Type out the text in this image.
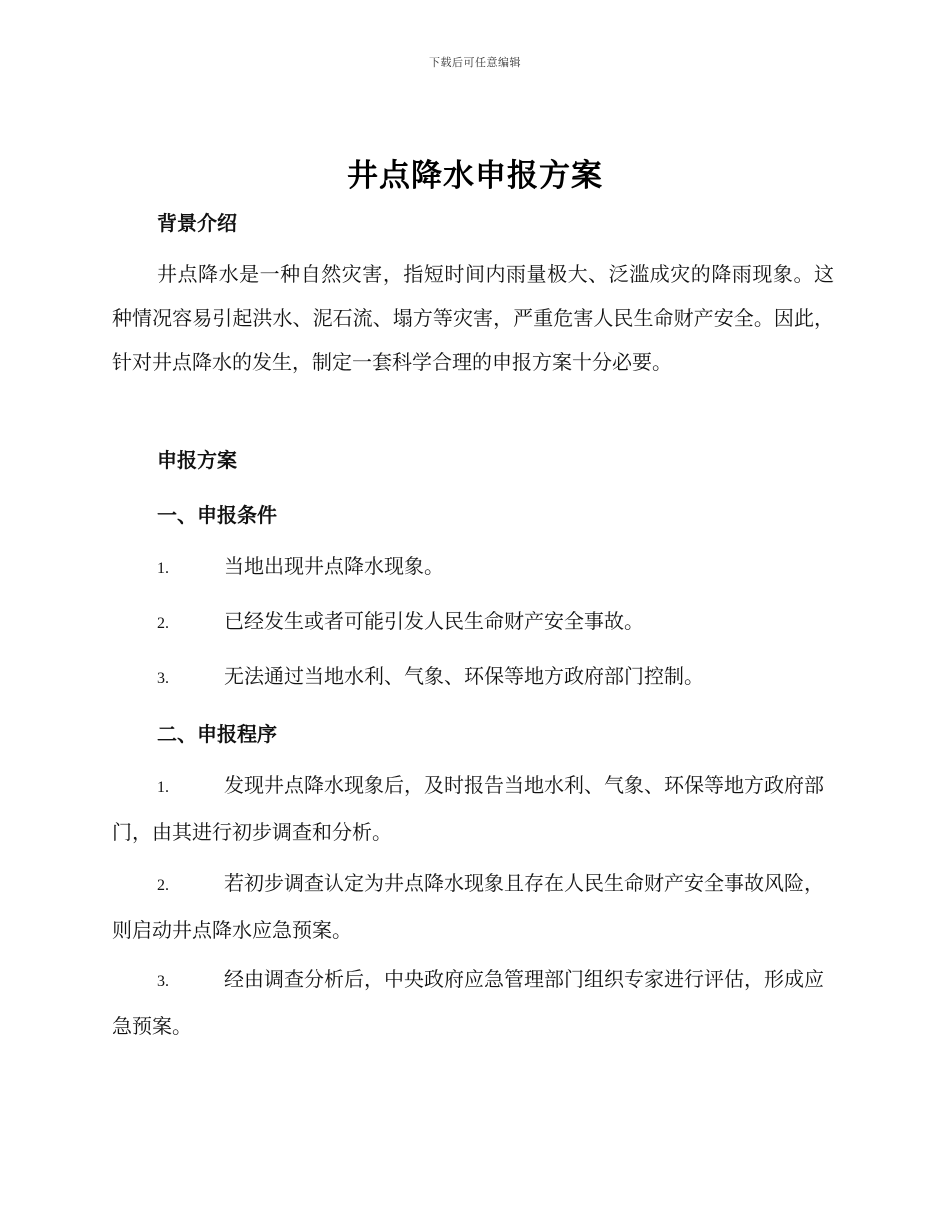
下载后可任意编辑
井点降水申报方案
背景介绍
井点降水是一种自然灾害，指短时间内雨量极大、泛滥成灾的降雨现象。这种情况容易引起洪水、泥石流、塌方等灾害，严重危害人民生命财产安全。因此，针对井点降水的发生，制定一套科学合理的申报方案十分必要。
申报方案
一、申报条件
1.	当地出现井点降水现象。
2.	已经发生或者可能引发人民生命财产安全事故。
3.	无法通过当地水利、气象、环保等地方政府部门控制。
二、申报程序
1.	发现井点降水现象后，及时报告当地水利、气象、环保等地方政府部门，由其进行初步调查和分析。
2.	若初步调查认定为井点降水现象且存在人民生命财产安全事故风险，则启动井点降水应急预案。
3.	经由调查分析后，中央政府应急管理部门组织专家进行评估，形成应急预案。
